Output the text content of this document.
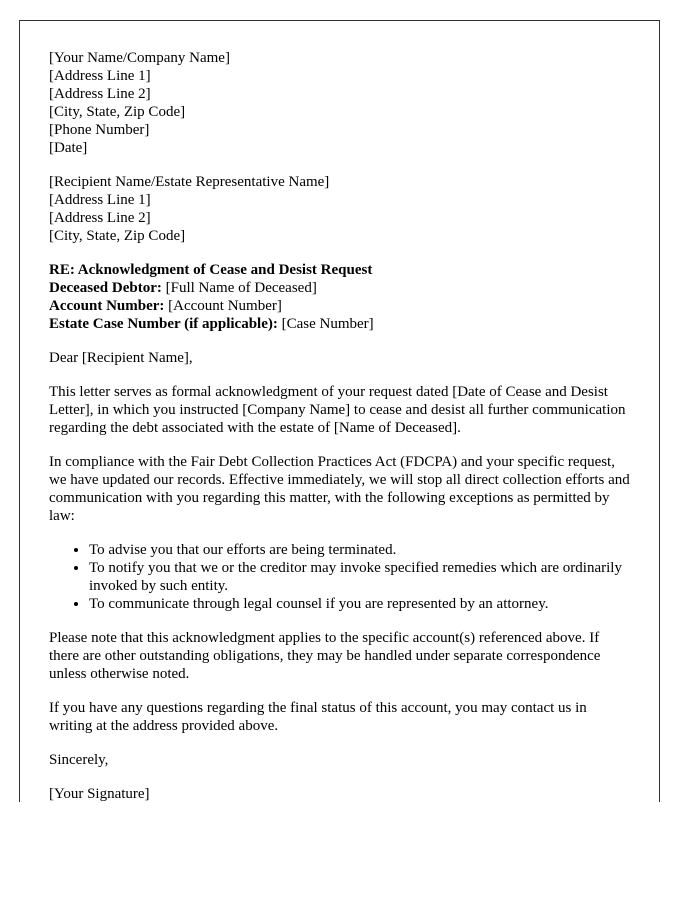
[Your Name/Company Name]
[Address Line 1]
[Address Line 2]
[City, State, Zip Code]
[Phone Number]
[Date]

[Recipient Name/Estate Representative Name]
[Address Line 1]
[Address Line 2]
[City, State, Zip Code]

RE: Acknowledgment of Cease and Desist Request
Deceased Debtor: [Full Name of Deceased]
Account Number: [Account Number]
Estate Case Number (if applicable): [Case Number]

Dear [Recipient Name],

This letter serves as formal acknowledgment of your request dated [Date of Cease and Desist Letter], in which you instructed [Company Name] to cease and desist all further communication regarding the debt associated with the estate of [Name of Deceased].

In compliance with the Fair Debt Collection Practices Act (FDCPA) and your specific request, we have updated our records. Effective immediately, we will stop all direct collection efforts and communication with you regarding this matter, with the following exceptions as permitted by law:

• To advise you that our efforts are being terminated.
• To notify you that we or the creditor may invoke specified remedies which are ordinarily invoked by such entity.
• To communicate through legal counsel if you are represented by an attorney.

Please note that this acknowledgment applies to the specific account(s) referenced above. If there are other outstanding obligations, they may be handled under separate correspondence unless otherwise noted.

If you have any questions regarding the final status of this account, you may contact us in writing at the address provided above.

Sincerely,

[Your Signature]
